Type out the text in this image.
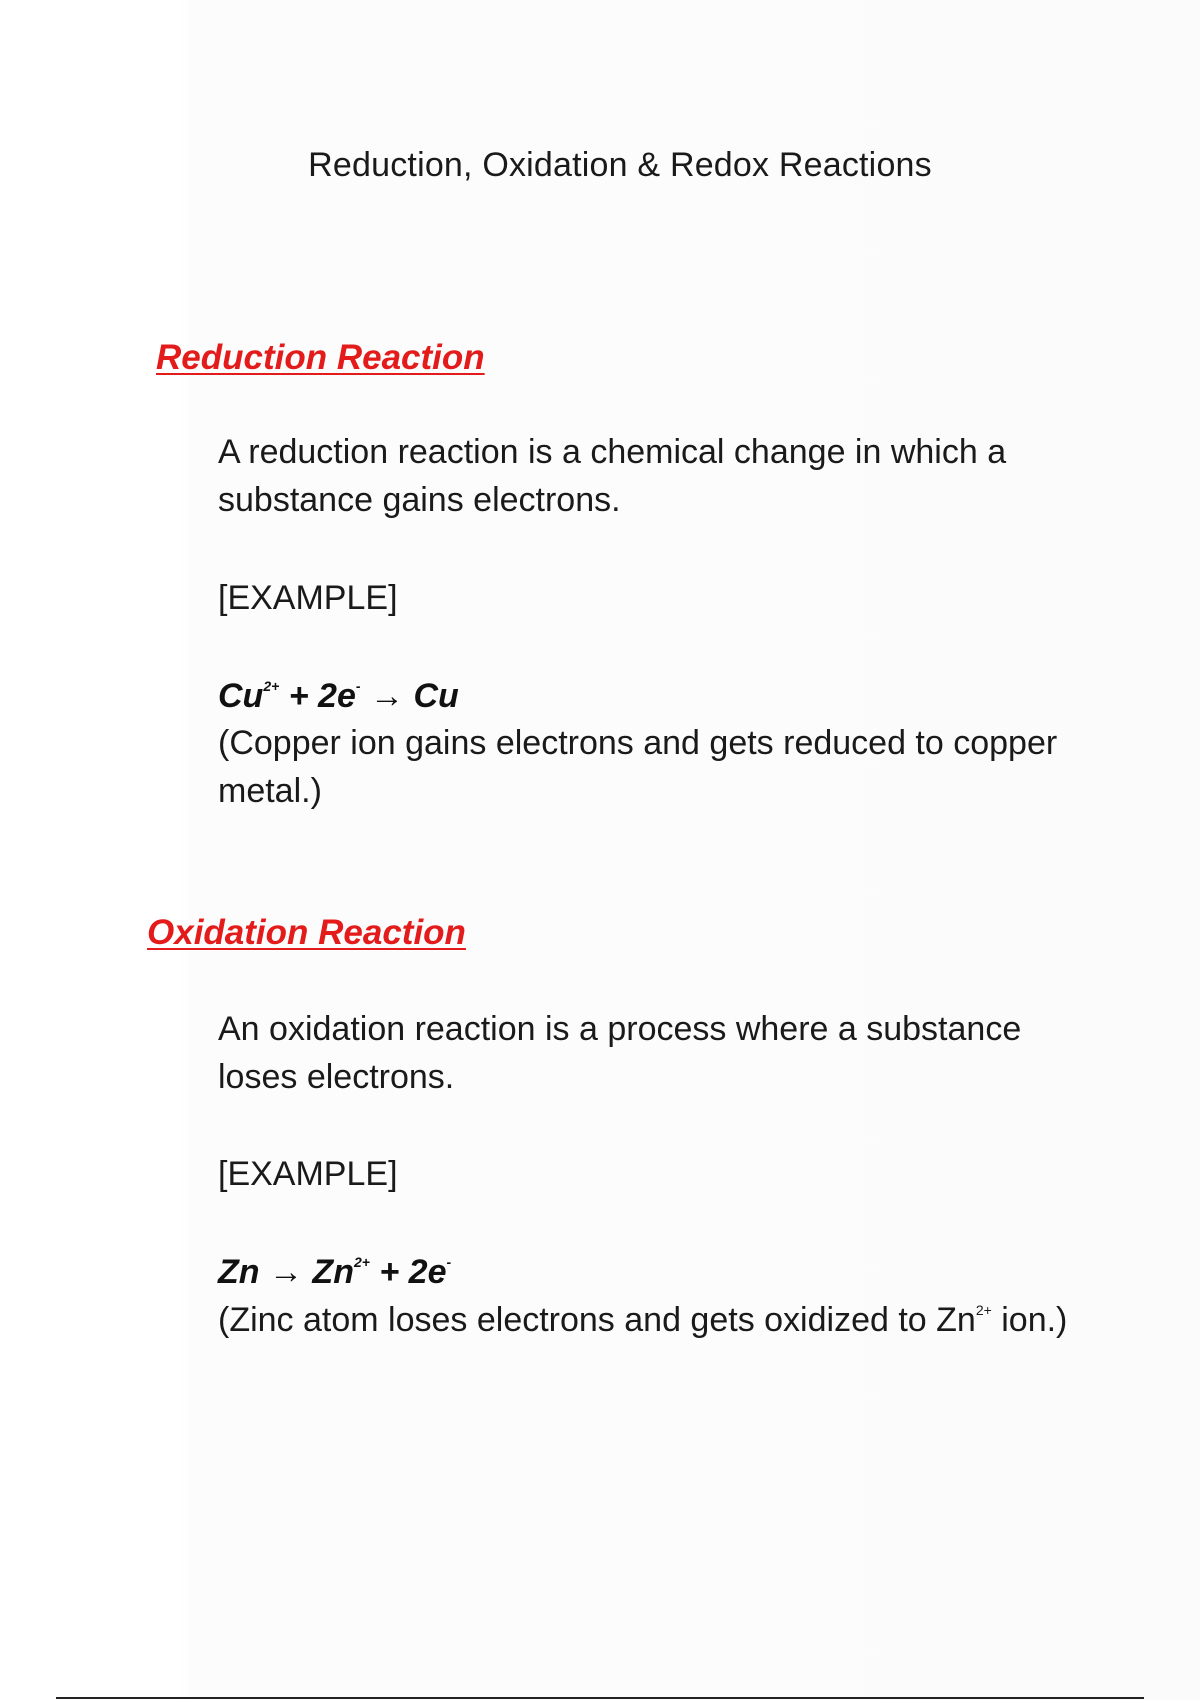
Reduction, Oxidation & Redox Reactions
Reduction Reaction

A reduction reaction is a chemical change in which a substance gains electrons.

[EXAMPLE]

$Cu^{2+} + 2e^- \to Cu$

(Copper ion gains electrons and gets reduced to copper metal.)

Oxidation Reaction

An oxidation reaction is a process where a substance loses electrons.

[EXAMPLE]

$Zn \to Zn^{2+} + 2e^-$

(Zinc atom loses electrons and gets oxidized to $Zn^{2+}$ ion.)
